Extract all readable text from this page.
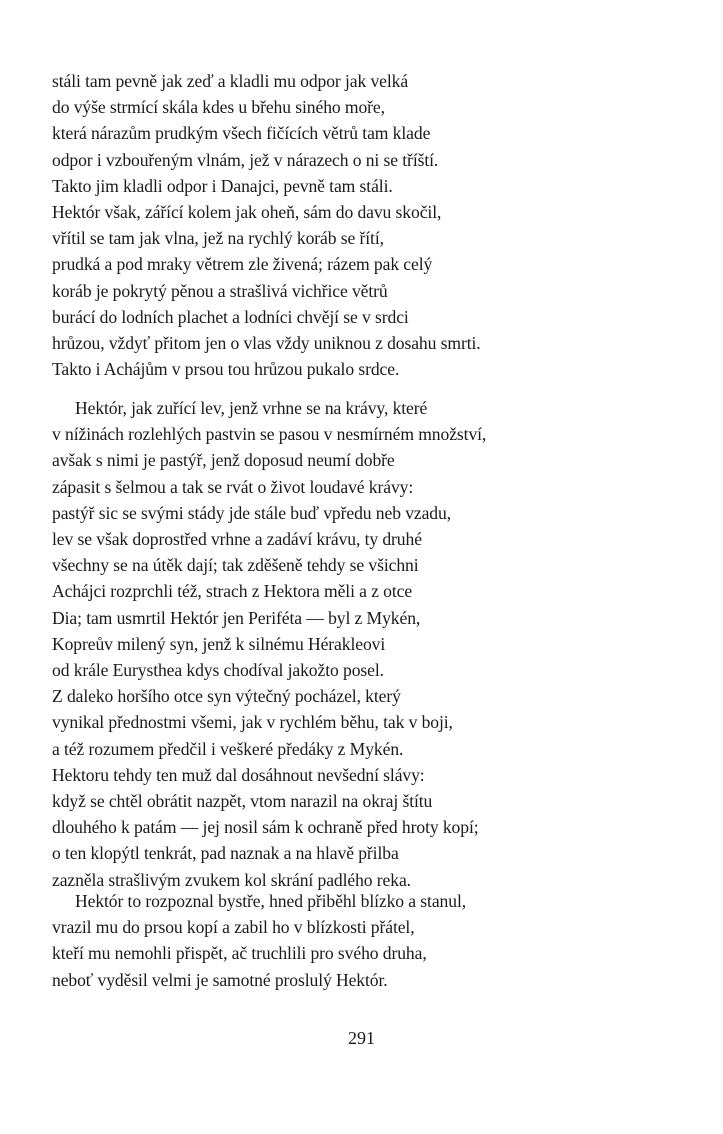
stáli tam pevně jak zeď a kladli mu odpor jak velká
do výše strmící skála kdes u břehu siného moře,
která nárazům prudkým všech fičících větrů tam klade
odpor i vzbouřeným vlnám, jež v nárazech o ni se tříští.
Takto jim kladli odpor i Danajci, pevně tam stáli.
Hektór však, zářící kolem jak oheň, sám do davu skočil,
vřítil se tam jak vlna, jež na rychlý koráb se řítí,
prudká a pod mraky větrem zle živená; rázem pak celý
koráb je pokrytý pěnou a strašlivá vichřice větrů
burácí do lodních plachet a lodníci chvějí se v srdci
hrůzou, vždyť přitom jen o vlas vždy uniknou z dosahu smrti.
Takto i Achájům v prsou tou hrůzou pukalo srdce.
Hektór, jak zuřící lev, jenž vrhne se na krávy, které
v nížinách rozlehlých pastvin se pasou v nesmírném množství,
avšak s nimi je pastýř, jenž doposud neumí dobře
zápasit s šelmou a tak se rvát o život loudavé krávy:
pastýř sic se svými stády jde stále buď vpředu neb vzadu,
lev se však doprostřed vrhne a zadáví krávu, ty druhé
všechny se na útěk dají; tak zděšeně tehdy se všichni
Achájci rozprchli též, strach z Hektora měli a z otce
Dia; tam usmrtil Hektór jen Periféta — byl z Mykén,
Kopreův milený syn, jenž k silnému Hérakleovi
od krále Eurysthea kdys chodíval jakožto posel.
Z daleko horšího otce syn výtečný pocházel, který
vynikal přednostmi všemi, jak v rychlém běhu, tak v boji,
a též rozumem předčil i veškeré předáky z Mykén.
Hektoru tehdy ten muž dal dosáhnout nevšední slávy:
když se chtěl obrátit nazpět, vtom narazil na okraj štítu
dlouhého k patám — jej nosil sám k ochraně před hroty kopí;
o ten klopýtl tenkrát, pad naznak a na hlavě přilba
zazněla strašlivým zvukem kol skrání padlého reka.
Hektór to rozpoznal bystře, hned přiběhl blízko a stanul,
vrazil mu do prsou kopí a zabil ho v blízkosti přátel,
kteří mu nemohli přispět, ač truchlili pro svého druha,
neboť vyděsil velmi je samotné proslulý Hektór.
291
